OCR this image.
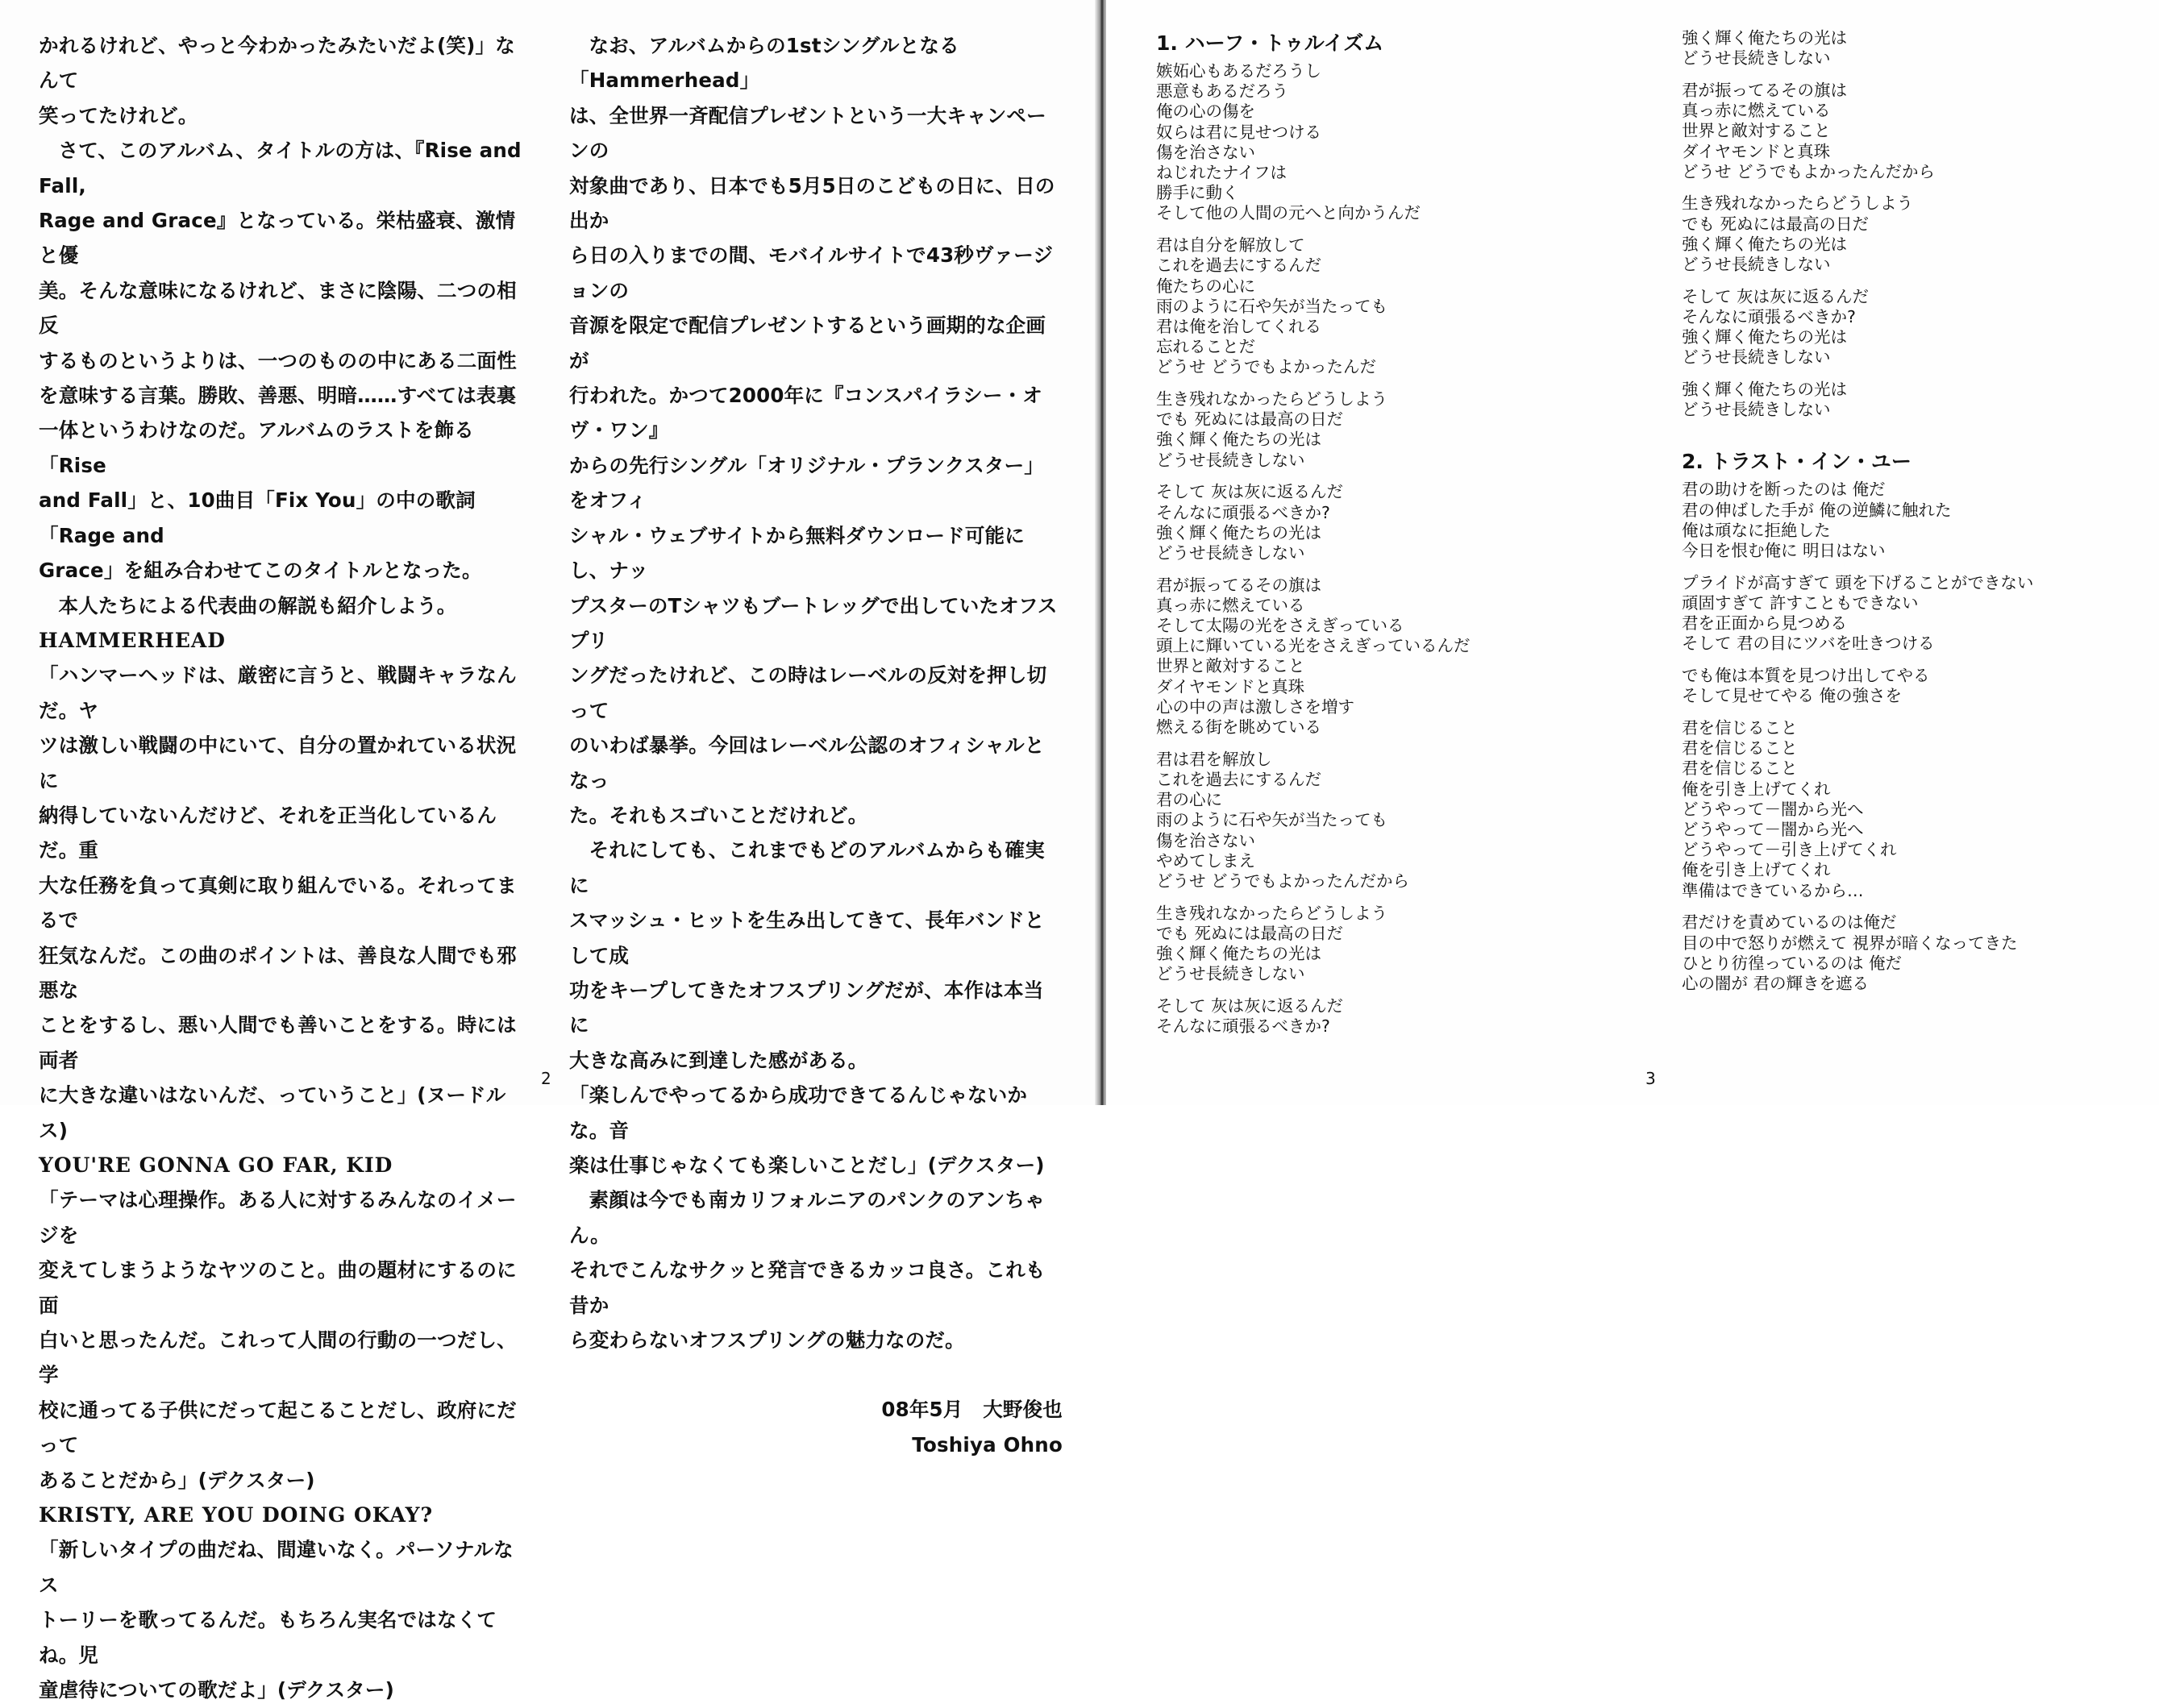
かれるけれど、やっと今わかったみたいだよ(笑)」なんて

笑ってたけれど。

さて、このアルバム、タイトルの方は、『Rise and Fall,

Rage and Grace』となっている。栄枯盛衰、激情と優

美。そんな意味になるけれど、まさに陰陽、二つの相反

するものというよりは、一つのものの中にある二面性

を意味する言葉。勝敗、善悪、明暗……すべては表裏

一体というわけなのだ。アルバムのラストを飾る「Rise

and Fall」と、10曲目「Fix You」の中の歌詞「Rage and

Grace」を組み合わせてこのタイトルとなった。

本人たちによる代表曲の解説も紹介しよう。

HAMMERHEAD

「ハンマーヘッドは、厳密に言うと、戦闘キャラなんだ。ヤ

ツは激しい戦闘の中にいて、自分の置かれている状況に

納得していないんだけど、それを正当化しているんだ。重

大な任務を負って真剣に取り組んでいる。それってまるで

狂気なんだ。この曲のポイントは、善良な人間でも邪悪な

ことをするし、悪い人間でも善いことをする。時には両者

に大きな違いはないんだ、っていうこと」(ヌードルス)

YOU'RE GONNA GO FAR, KID

「テーマは心理操作。ある人に対するみんなのイメージを

変えてしまうようなヤツのこと。曲の題材にするのに面

白いと思ったんだ。これって人間の行動の一つだし、学

校に通ってる子供にだって起こることだし、政府にだって

あることだから」(デクスター)

KRISTY, ARE YOU DOING OKAY?

「新しいタイプの曲だね、間違いなく。パーソナルなス

トーリーを歌ってるんだ。もちろん実名ではなくてね。児

童虐待についての歌だよ」(デクスター)

なお、アルバムからの1stシングルとなる「Hammerhead」

は、全世界一斉配信プレゼントという一大キャンペーンの

対象曲であり、日本でも5月5日のこどもの日に、日の出か

ら日の入りまでの間、モバイルサイトで43秒ヴァージョンの

音源を限定で配信プレゼントするという画期的な企画が

行われた。かつて2000年に『コンスパイラシー・オヴ・ワン』

からの先行シングル「オリジナル・プランクスター」をオフィ

シャル・ウェブサイトから無料ダウンロード可能にし、ナッ

プスターのTシャツもブートレッグで出していたオフスプリ

ングだったけれど、この時はレーベルの反対を押し切って

のいわば暴挙。今回はレーベル公認のオフィシャルとなっ

た。それもスゴいことだけれど。

それにしても、これまでもどのアルバムからも確実に

スマッシュ・ヒットを生み出してきて、長年バンドとして成

功をキープしてきたオフスプリングだが、本作は本当に

大きな高みに到達した感がある。

「楽しんでやってるから成功できてるんじゃないかな。音

楽は仕事じゃなくても楽しいことだし」(デクスター)

素顔は今でも南カリフォルニアのパンクのアンちゃん。

それでこんなサクッと発言できるカッコ良さ。これも昔か

ら変わらないオフスプリングの魅力なのだ。

08年5月　大野俊也

Toshiya Ohno

2
1. ハーフ・トゥルイズム
嫉妬心もあるだろうし
悪意もあるだろう
俺の心の傷を
奴らは君に見せつける
傷を治さない
ねじれたナイフは
勝手に動く
そして他の人間の元へと向かうんだ
君は自分を解放して
これを過去にするんだ
俺たちの心に
雨のように石や矢が当たっても
君は俺を治してくれる
忘れることだ
どうせ どうでもよかったんだ
生き残れなかったらどうしよう
でも 死ぬには最高の日だ
強く輝く俺たちの光は
どうせ長続きしない
そして 灰は灰に返るんだ
そんなに頑張るべきか?
強く輝く俺たちの光は
どうせ長続きしない
君が振ってるその旗は
真っ赤に燃えている
そして太陽の光をさえぎっている
頭上に輝いている光をさえぎっているんだ
世界と敵対すること
ダイヤモンドと真珠
心の中の声は激しさを増す
燃える街を眺めている
君は君を解放し
これを過去にするんだ
君の心に
雨のように石や矢が当たっても
傷を治さない
やめてしまえ
どうせ どうでもよかったんだから
生き残れなかったらどうしよう
でも 死ぬには最高の日だ
強く輝く俺たちの光は
どうせ長続きしない
そして 灰は灰に返るんだ
そんなに頑張るべきか?
強く輝く俺たちの光は
どうせ長続きしない
君が振ってるその旗は
真っ赤に燃えている
世界と敵対すること
ダイヤモンドと真珠
どうせ どうでもよかったんだから
生き残れなかったらどうしよう
でも 死ぬには最高の日だ
強く輝く俺たちの光は
どうせ長続きしない
そして 灰は灰に返るんだ
そんなに頑張るべきか?
強く輝く俺たちの光は
どうせ長続きしない
強く輝く俺たちの光は
どうせ長続きしない
2. トラスト・イン・ユー
君の助けを断ったのは 俺だ
君の伸ばした手が 俺の逆鱗に触れた
俺は頑なに拒絶した
今日を恨む俺に 明日はない
プライドが高すぎて 頭を下げることができない
頑固すぎて 許すこともできない
君を正面から見つめる
そして 君の目にツバを吐きつける
でも俺は本質を見つけ出してやる
そして見せてやる 俺の強さを
君を信じること
君を信じること
君を信じること
俺を引き上げてくれ
どうやって－闇から光へ
どうやって－闇から光へ
どうやって－引き上げてくれ
俺を引き上げてくれ
準備はできているから…
君だけを責めているのは俺だ
目の中で怒りが燃えて 視界が暗くなってきた
ひとり彷徨っているのは 俺だ
心の闇が 君の輝きを遮る
3
